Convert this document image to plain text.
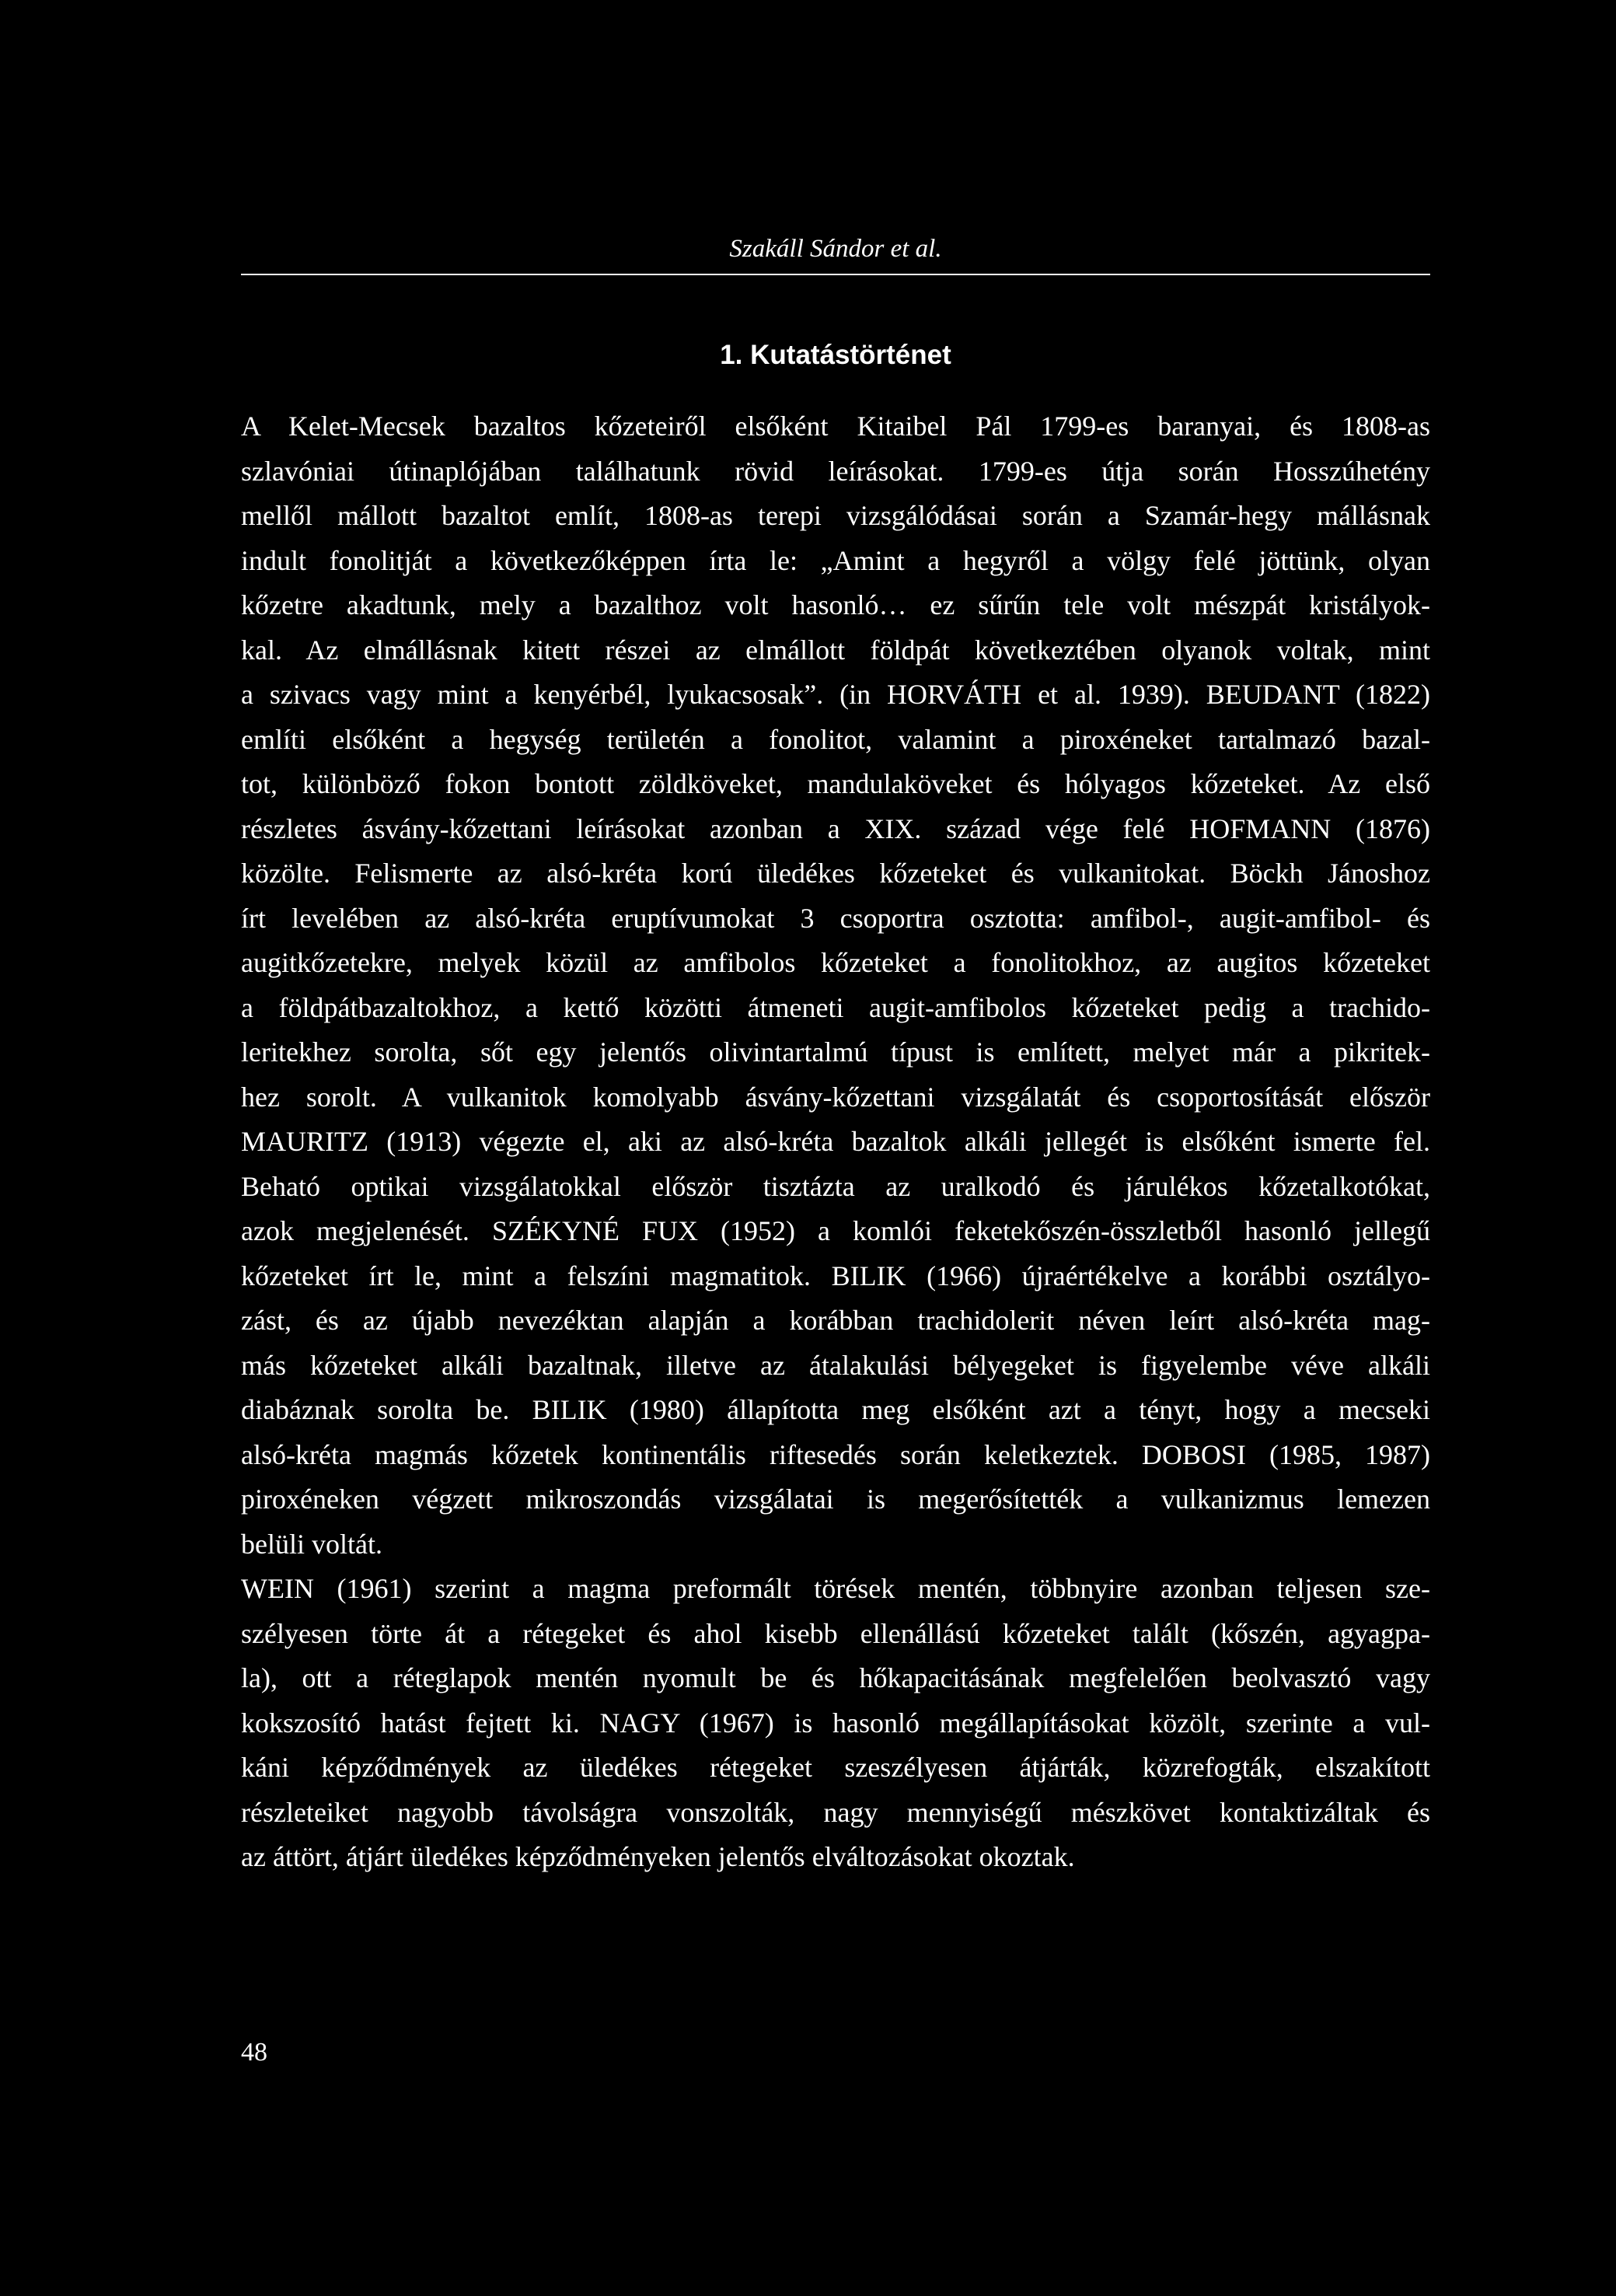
Szakáll Sándor et al.
1. Kutatástörténet
A Kelet-Mecsek bazaltos kőzeteiről elsőként Kitaibel Pál 1799-es baranyai, és 1808-as
szlavóniai útinaplójában találhatunk rövid leírásokat. 1799-es útja során Hosszúhetény
mellől mállott bazaltot említ, 1808-as terepi vizsgálódásai során a Szamár-hegy mállásnak
indult fonolitját a következőképpen írta le: „Amint a hegyről a völgy felé jöttünk, olyan
kőzetre akadtunk, mely a bazalthoz volt hasonló… ez sűrűn tele volt mészpát kristályok-
kal. Az elmállásnak kitett részei az elmállott földpát következtében olyanok voltak, mint
a szivacs vagy mint a kenyérbél, lyukacsosak”. (in HORVÁTH et al. 1939). BEUDANT (1822)
említi elsőként a hegység területén a fonolitot, valamint a piroxéneket tartalmazó bazal-
tot, különböző fokon bontott zöldköveket, mandulaköveket és hólyagos kőzeteket. Az első
részletes ásvány-kőzettani leírásokat azonban a XIX. század vége felé HOFMANN (1876)
közölte. Felismerte az alsó-kréta korú üledékes kőzeteket és vulkanitokat. Böckh Jánoshoz
írt levelében az alsó-kréta eruptívumokat 3 csoportra osztotta: amfibol-, augit-amfibol- és
augitkőzetekre, melyek közül az amfibolos kőzeteket a fonolitokhoz, az augitos kőzeteket
a földpátbazaltokhoz, a kettő közötti átmeneti augit-amfibolos kőzeteket pedig a trachido-
leritekhez sorolta, sőt egy jelentős olivintartalmú típust is említett, melyet már a pikritek-
hez sorolt. A vulkanitok komolyabb ásvány-kőzettani vizsgálatát és csoportosítását először
MAURITZ (1913) végezte el, aki az alsó-kréta bazaltok alkáli jellegét is elsőként ismerte fel.
Beható optikai vizsgálatokkal először tisztázta az uralkodó és járulékos kőzetalkotókat,
azok megjelenését. SZÉKYNÉ FUX (1952) a komlói feketekőszén-összletből hasonló jellegű
kőzeteket írt le, mint a felszíni magmatitok. BILIK (1966) újraértékelve a korábbi osztályo-
zást, és az újabb nevezéktan alapján a korábban trachidolerit néven leírt alsó-kréta mag-
más kőzeteket alkáli bazaltnak, illetve az átalakulási bélyegeket is figyelembe véve alkáli
diabáznak sorolta be. BILIK (1980) állapította meg elsőként azt a tényt, hogy a mecseki
alsó-kréta magmás kőzetek kontinentális riftesedés során keletkeztek. DOBOSI (1985, 1987)
piroxéneken végzett mikroszondás vizsgálatai is megerősítették a vulkanizmus lemezen
belüli voltát.
WEIN (1961) szerint a magma preformált törések mentén, többnyire azonban teljesen sze-
szélyesen törte át a rétegeket és ahol kisebb ellenállású kőzeteket talált (kőszén, agyagpa-
la), ott a réteglapok mentén nyomult be és hőkapacitásának megfelelően beolvasztó vagy
kokszosító hatást fejtett ki. NAGY (1967) is hasonló megállapításokat közölt, szerinte a vul-
káni képződmények az üledékes rétegeket szeszélyesen átjárták, közrefogták, elszakított
részleteiket nagyobb távolságra vonszolták, nagy mennyiségű mészkövet kontaktizáltak és
az áttört, átjárt üledékes képződményeken jelentős elváltozásokat okoztak.
48
